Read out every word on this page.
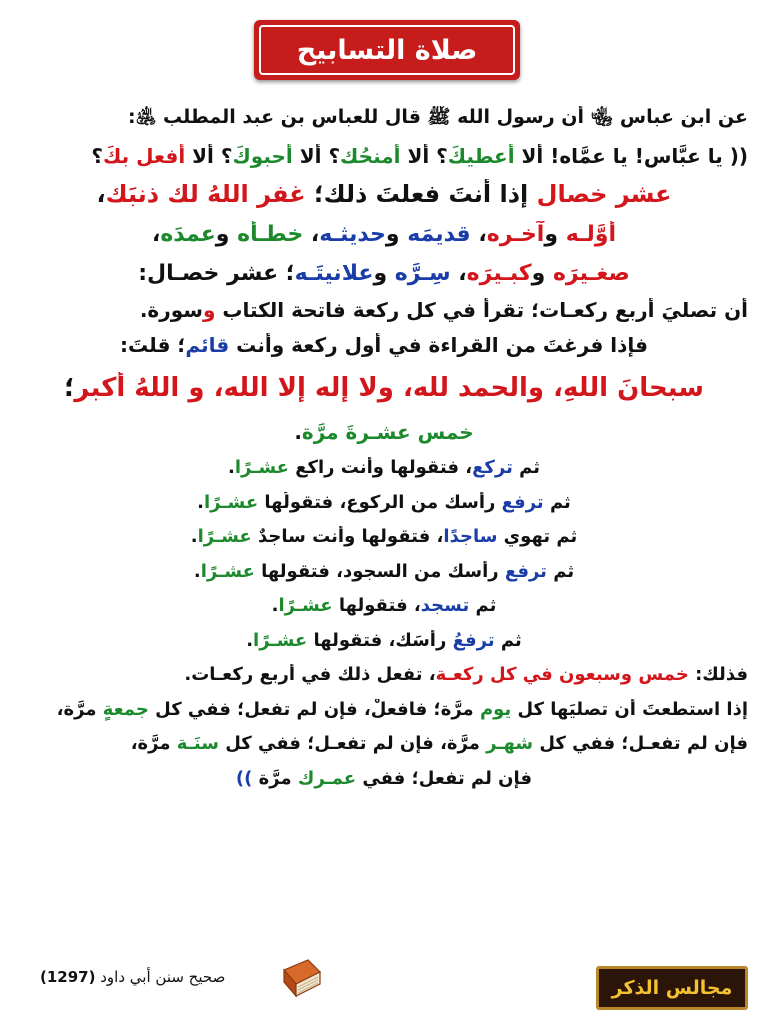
صلاة التسابيح
عن ابن عباس ﵄ أن رسول الله ﷺ قال للعباس بن عبد المطلب ﵁:
(( يا عبَّاس! يا عمَّاه! ألا أعطيكَ؟ ألا أمنحُك؟ ألا أحبوكَ؟ ألا أفعل بكَ؟
عشر خصال إذا أنتَ فعلتَ ذلك؛ غفر اللهُ لك ذنبَك،
أوَّلـه وآخـره، قديمَه وحديثـه، خطـأه وعمدَه،
صغـيرَه وكبـيرَه، سِـرَّه وعلانيتَـه؛ عشر خصـال:
أن تصليَ أربع ركعـات؛ تقرأ في كل ركعة فاتحة الكتاب وسورة.
فإذا فرغتَ من القراءة في أول ركعة وأنت قائم؛ قلتَ:
سبحانَ اللهِ، والحمد لله، ولا إله إلا الله، و اللهُ أكبر؛
خمس عشـرةَ مرَّة.
ثم تركع، فتقولها وأنت راكع عشـرًا.
ثم ترفع رأسك من الركوع، فتقولُها عشـرًا.
ثم تهوي ساجدًا، فتقولها وأنت ساجدٌ عشـرًا.
ثم ترفع رأسك من السجود، فتقولها عشـرًا.
ثم تسجد، فتقولها عشـرًا.
ثم ترفعُ رأسَك، فتقولها عشـرًا.
فذلك: خمس وسبعون في كل ركعـة، تفعل ذلك في أربع ركعـات.
إذا استطعتَ أن تصليَها كل يوم مرَّة؛ فافعلْ، فإن لم تفعل؛ ففي كل جمعةٍ مرَّة،
فإن لم تفعـل؛ ففي كل شهـر مرَّة، فإن لم تفعـل؛ ففي كل سنَـة مرَّة،
فإن لم تفعل؛ ففي عمـرك مرَّة ))
صحيح سنن أبي داود (1297)	مجالس الذكر
